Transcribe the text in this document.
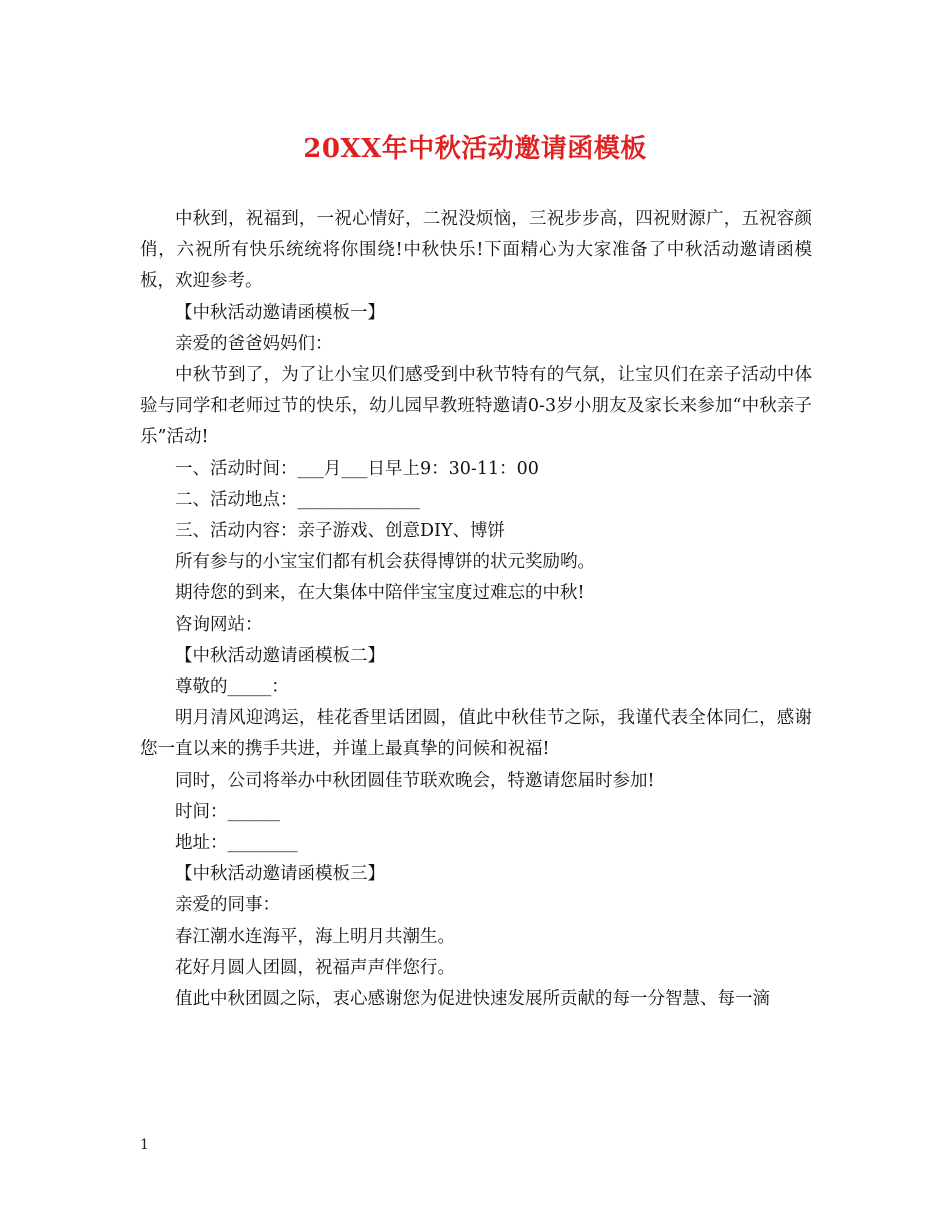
20XX年中秋活动邀请函模板

中秋到，祝福到，一祝心情好，二祝没烦恼，三祝步步高，四祝财源广，五祝容颜俏，六祝所有快乐统统将你围绕!中秋快乐!下面精心为大家准备了中秋活动邀请函模板，欢迎参考。

【中秋活动邀请函模板一】

亲爱的爸爸妈妈们：

中秋节到了，为了让小宝贝们感受到中秋节特有的气氛，让宝贝们在亲子活动中体验与同学和老师过节的快乐，幼儿园早教班特邀请0-3岁小朋友及家长来参加“中秋亲子乐”活动!

一、活动时间：___月___日早上9：30-11：00

二、活动地点：______________

三、活动内容：亲子游戏、创意DIY、博饼

所有参与的小宝宝们都有机会获得博饼的状元奖励哟。

期待您的到来，在大集体中陪伴宝宝度过难忘的中秋!

咨询网站：

【中秋活动邀请函模板二】

尊敬的_____：

明月清风迎鸿运，桂花香里话团圆，值此中秋佳节之际，我谨代表全体同仁，感谢您一直以来的携手共进，并谨上最真挚的问候和祝福!

同时，公司将举办中秋团圆佳节联欢晚会，特邀请您届时参加!

时间：______

地址：________

【中秋活动邀请函模板三】

亲爱的同事：

春江潮水连海平，海上明月共潮生。

花好月圆人团圆，祝福声声伴您行。

值此中秋团圆之际，衷心感谢您为促进快速发展所贡献的每一分智慧、每一滴

1
